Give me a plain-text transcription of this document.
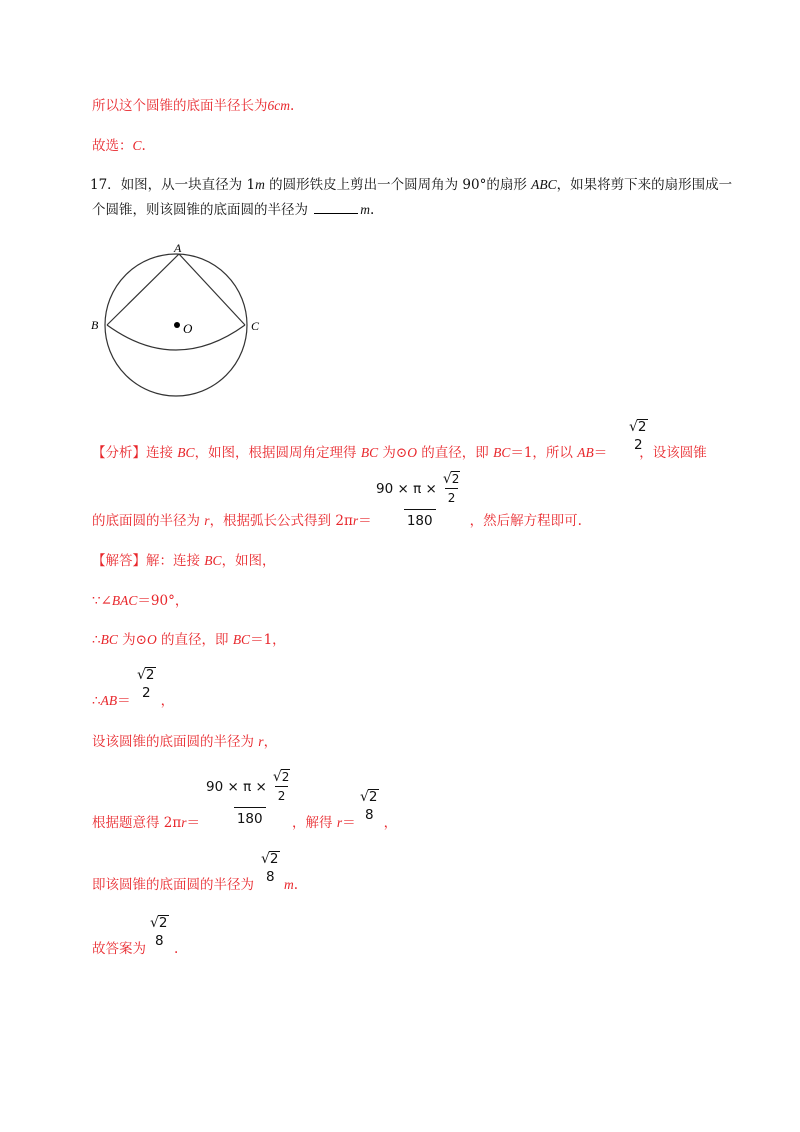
所以这个圆锥的底面半径长为6cm.
故选：C.
17．如图，从一块直径为 1m 的圆形铁皮上剪出一个圆周角为 90°的扇形 ABC，如果将剪下来的扇形围成一
个圆锥，则该圆锥的底面圆的半径为	m.
A
B	C
O
【分析】连接 BC，如图，根据圆周角定理得 BC 为⊙O 的直径，即 BC＝1，所以 AB＝ ，设该圆锥
√ 2
2
90
×
π
× $\frac{√ 2}{2}$
180
的底面圆的半径为 r，根据弧长公式得到 2πr＝	，然后解方程即可.
【解答】解：连接 BC，如图，
∵∠BAC＝90°，
∴BC 为⊙O 的直径，即 BC＝1，
√ 2
2
∴AB＝ ，
设该圆锥的底面圆的半径为 r，
90
×
π
× $\frac{√ 2}{2}$
180	√ 2
8
根据题意得 2πr＝	，解得 r＝ ，
√ 2
8
即该圆锥的底面圆的半径为 m.
√ 2
8
故答案为 .
